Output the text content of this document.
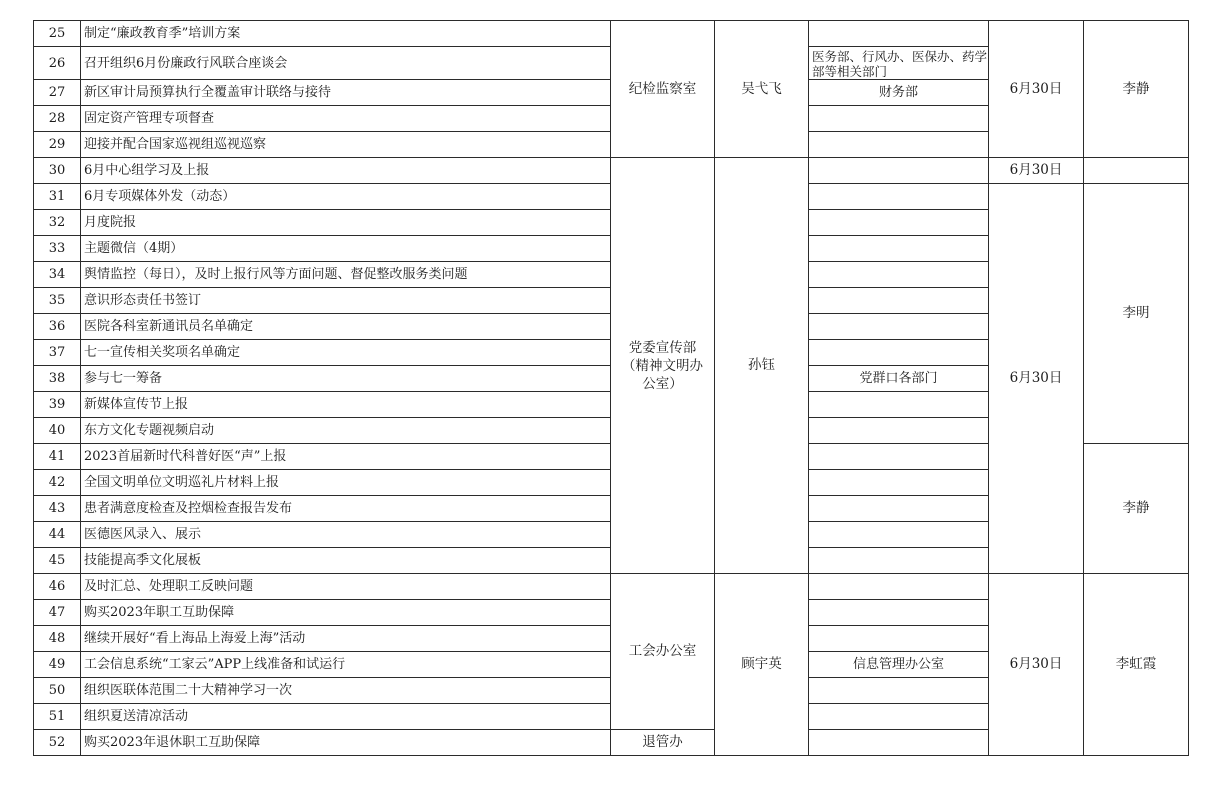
25	制定“廉政教育季”培训方案	纪检监察室	吴弋飞		6月30日	李静
26	召开组织6月份廉政行风联合座谈会			医务部、行风办、医保办、药学部等相关部门		
27	新区审计局预算执行全覆盖审计联络与接待			财务部		
28	固定资产管理专项督查					
29	迎接并配合国家巡视组巡视巡察					
30	6月中心组学习及上报	党委宣传部（精神文明办公室）	孙钰		6月30日	
31	6月专项媒体外发（动态）				6月30日	李明
32	月度院报					
33	主题微信（4期）					
34	舆情监控（每日），及时上报行风等方面问题、督促整改服务类问题					
35	意识形态责任书签订					
36	医院各科室新通讯员名单确定					
37	七一宣传相关奖项名单确定					
38	参与七一筹备			党群口各部门		
39	新媒体宣传节上报					
40	东方文化专题视频启动					
41	2023首届新时代科普好医“声”上报					李静
42	全国文明单位文明巡礼片材料上报					
43	患者满意度检查及控烟检查报告发布					
44	医德医风录入、展示					
45	技能提高季文化展板					
46	及时汇总、处理职工反映问题	工会办公室	顾宇英		6月30日	李虹霞
47	购买2023年职工互助保障					
48	继续开展好“看上海品上海爱上海”活动					
49	工会信息系统“工家云”APP上线准备和试运行			信息管理办公室		
50	组织医联体范围二十大精神学习一次					
51	组织夏送清凉活动					
52	购买2023年退休职工互助保障	退管办				
